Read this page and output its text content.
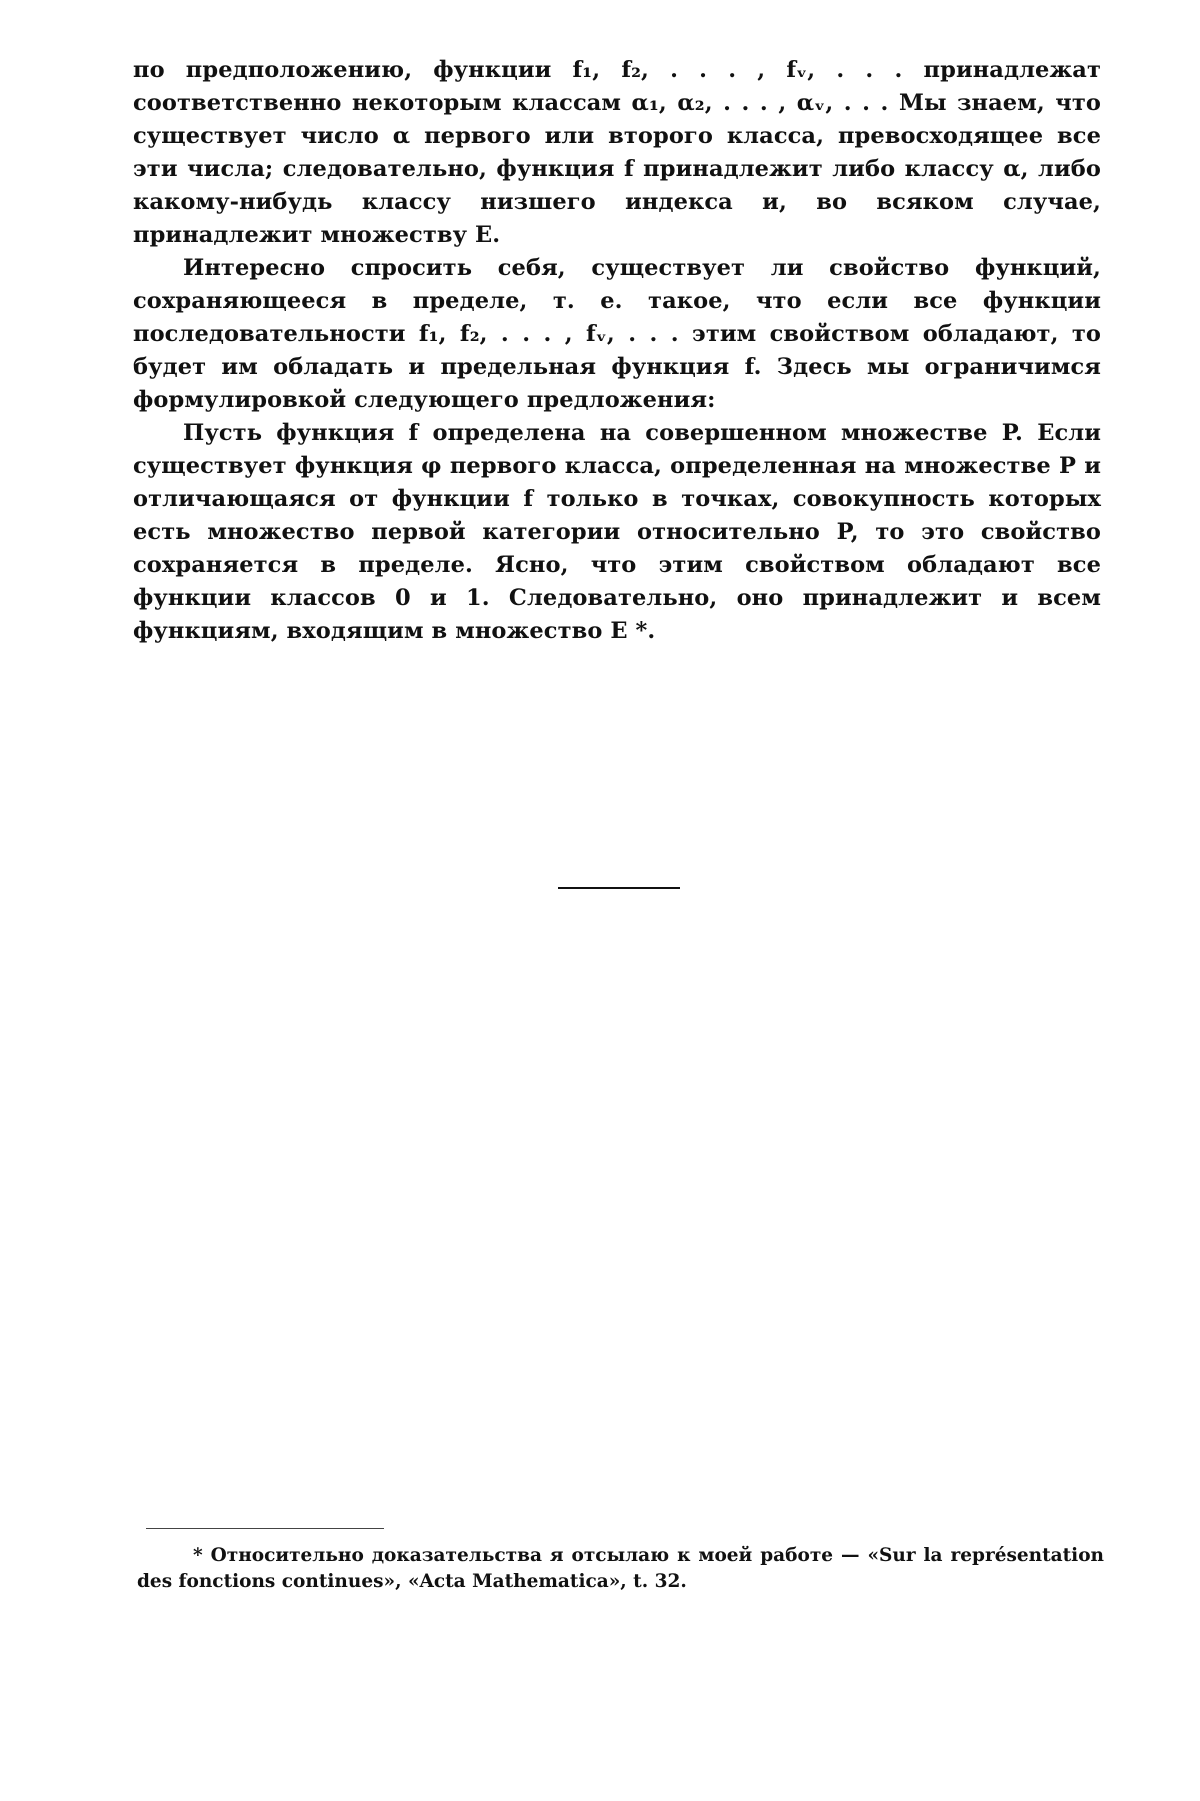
по предположению, функции f₁, f₂, . . . , fᵥ, . . . принадлежат соответственно некоторым классам α₁, α₂, . . . , αᵥ, . . . Мы знаем, что существует число α первого или второго класса, превосходящее все эти числа; следовательно, функция f принадлежит либо классу α, либо какому-нибудь классу низшего индекса и, во всяком случае, принадлежит множеству E.

Интересно спросить себя, существует ли свойство функций, сохраняющееся в пределе, т. е. такое, что если все функции последовательности f₁, f₂, . . . , fᵥ, . . . этим свойством обладают, то будет им обладать и предельная функция f. Здесь мы ограничимся формулировкой следующего предложения:

Пусть функция f определена на совершенном множестве P. Если существует функция φ первого класса, определенная на множестве P и отличающаяся от функции f только в точках, совокупность которых есть множество первой категории относительно P, то это свойство сохраняется в пределе. Ясно, что этим свойством обладают все функции классов 0 и 1. Следовательно, оно принадлежит и всем функциям, входящим в множество E *.

* Относительно доказательства я отсылаю к моей работе — «Sur la représentation des fonctions continues», «Acta Mathematica», t. 32.
